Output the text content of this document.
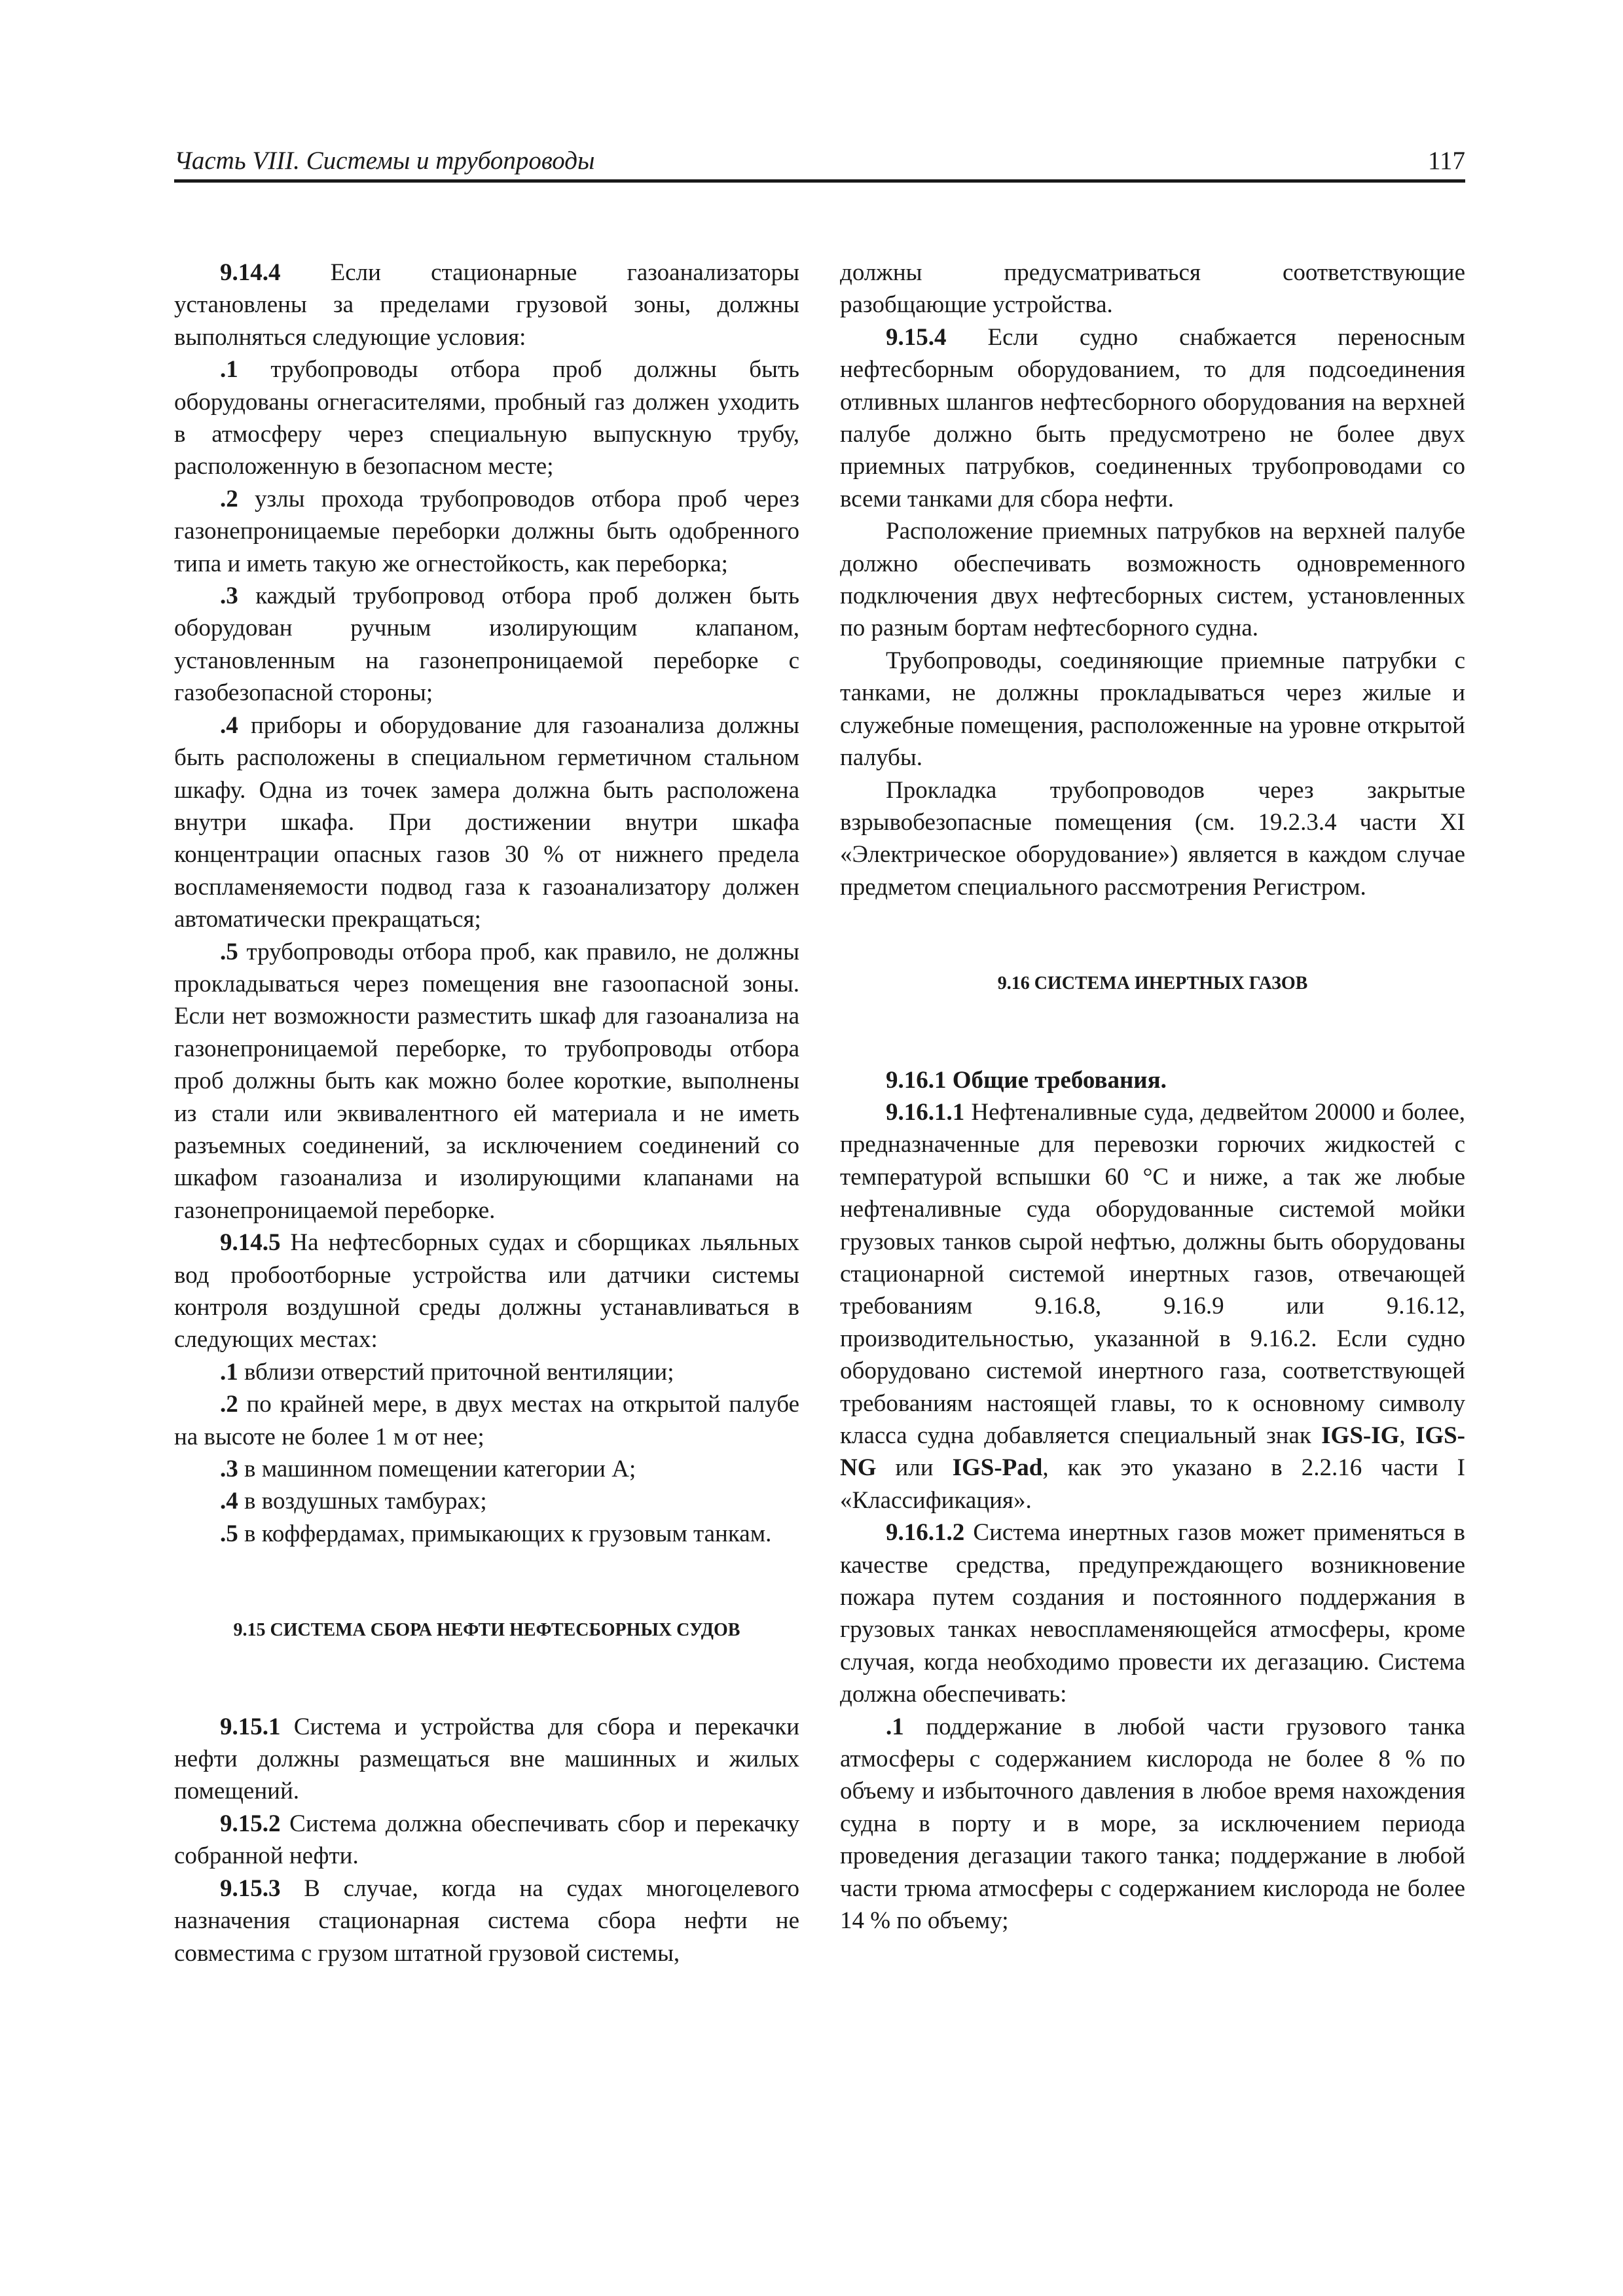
Часть VIII. Системы и трубопроводы	117

9.14.4 Если стационарные газоанализаторы установлены за пределами грузовой зоны, должны выполняться следующие условия:

.1 трубопроводы отбора проб должны быть оборудованы огнегасителями, пробный газ должен уходить в атмосферу через специальную выпускную трубу, расположенную в безопасном месте;

.2 узлы прохода трубопроводов отбора проб через газонепроницаемые переборки должны быть одобренного типа и иметь такую же огнестойкость, как переборка;

.3 каждый трубопровод отбора проб должен быть оборудован ручным изолирующим клапаном, установленным на газонепроницаемой переборке с газобезопасной стороны;

.4 приборы и оборудование для газоанализа должны быть расположены в специальном герметичном стальном шкафу. Одна из точек замера должна быть расположена внутри шкафа. При достижении внутри шкафа концентрации опасных газов 30 % от нижнего предела воспламеняемости подвод газа к газоанализатору должен автоматически прекращаться;

.5 трубопроводы отбора проб, как правило, не должны прокладываться через помещения вне газоопасной зоны. Если нет возможности разместить шкаф для газоанализа на газонепроницаемой переборке, то трубопроводы отбора проб должны быть как можно более короткие, выполнены из стали или эквивалентного ей материала и не иметь разъемных соединений, за исключением соединений со шкафом газоанализа и изолирующими клапанами на газонепроницаемой переборке.

9.14.5 На нефтесборных судах и сборщиках льяльных вод пробоотборные устройства или датчики системы контроля воздушной среды должны устанавливаться в следующих местах:

.1 вблизи отверстий приточной вентиляции;

.2 по крайней мере, в двух местах на открытой палубе на высоте не более 1 м от нее;

.3 в машинном помещении категории А;

.4 в воздушных тамбурах;

.5 в коффердамах, примыкающих к грузовым танкам.

9.15 СИСТЕМА СБОРА НЕФТИ НЕФТЕСБОРНЫХ СУДОВ

9.15.1 Система и устройства для сбора и перекачки нефти должны размещаться вне машинных и жилых помещений.

9.15.2 Система должна обеспечивать сбор и перекачку собранной нефти.

9.15.3 В случае, когда на судах многоцелевого назначения стационарная система сбора нефти не совместима с грузом штатной грузовой системы,

должны предусматриваться соответствующие разобщающие устройства.

9.15.4 Если судно снабжается переносным нефтесборным оборудованием, то для подсоединения отливных шлангов нефтесборного оборудования на верхней палубе должно быть предусмотрено не более двух приемных патрубков, соединенных трубопроводами со всеми танками для сбора нефти.

Расположение приемных патрубков на верхней палубе должно обеспечивать возможность одновременного подключения двух нефтесборных систем, установленных по разным бортам нефтесборного судна.

Трубопроводы, соединяющие приемные патрубки с танками, не должны прокладываться через жилые и служебные помещения, расположенные на уровне открытой палубы.

Прокладка трубопроводов через закрытые взрывобезопасные помещения (см. 19.2.3.4 части XI «Электрическое оборудование») является в каждом случае предметом специального рассмотрения Регистром.

9.16 СИСТЕМА ИНЕРТНЫХ ГАЗОВ

9.16.1 Общие требования.

9.16.1.1 Нефтеналивные суда, дедвейтом 20000 и более, предназначенные для перевозки горючих жидкостей с температурой вспышки 60 °С и ниже, а так же любые нефтеналивные суда оборудованные системой мойки грузовых танков сырой нефтью, должны быть оборудованы стационарной системой инертных газов, отвечающей требованиям 9.16.8, 9.16.9 или 9.16.12, производительностью, указанной в 9.16.2. Если судно оборудовано системой инертного газа, соответствующей требованиям настоящей главы, то к основному символу класса судна добавляется специальный знак IGS-IG, IGS-NG или IGS-Pad, как это указано в 2.2.16 части I «Классификация».

9.16.1.2 Система инертных газов может применяться в качестве средства, предупреждающего возникновение пожара путем создания и постоянного поддержания в грузовых танках невоспламеняющейся атмосферы, кроме случая, когда необходимо провести их дегазацию. Система должна обеспечивать:

.1 поддержание в любой части грузового танка атмосферы с содержанием кислорода не более 8 % по объему и избыточного давления в любое время нахождения судна в порту и в море, за исключением периода проведения дегазации такого танка; поддержание в любой части трюма атмосферы с содержанием кислорода не более 14 % по объему;
